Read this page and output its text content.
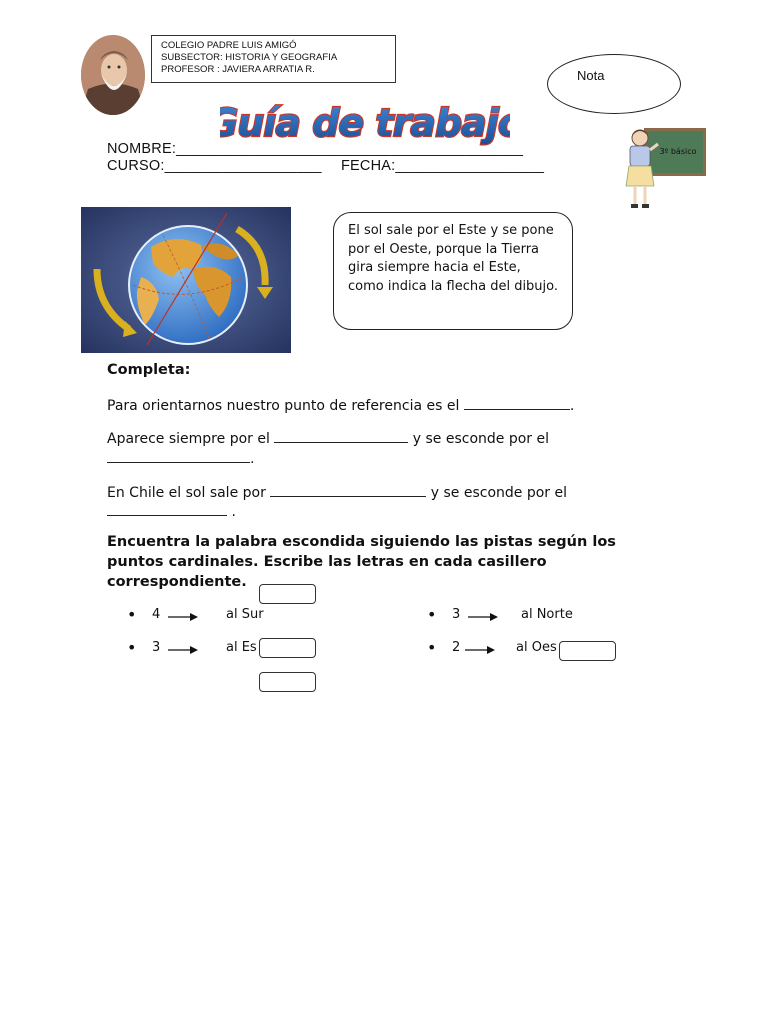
COLEGIO PADRE LUIS AMIGÓ
SUBSECTOR: HISTORIA Y GEOGRAFIA
PROFESOR : JAVIERA ARRATIA R.	Nota
Guía de trabajo
3º básico
NOMBRE:__________________________________________
CURSO:___________________ FECHA:__________________
El sol sale por el Este y se pone por el Oeste, porque la Tierra gira siempre hacia el Este, como indica la flecha del dibujo.
Completa:
Para orientarnos nuestro punto de referencia es el	.
Aparece siempre por el	y se esconde por el
.
En Chile el sol sale por	y se esconde por el
.
Encuentra la palabra escondida siguiendo las pistas según los puntos cardinales. Escribe las letras en cada casillero correspondiente.
• 4	al Sur	• 3	al Norte
• 3	al Es	• 2	al Oes
